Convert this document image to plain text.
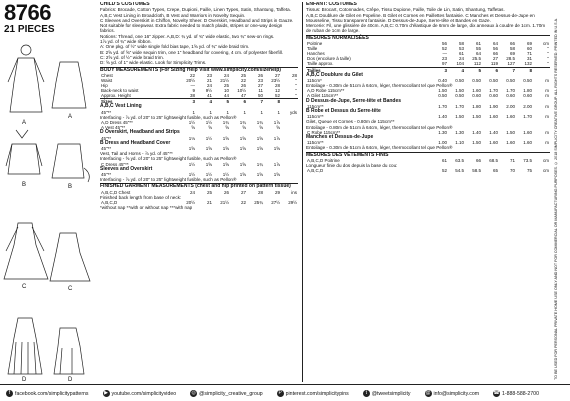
8766
21 PIECES
A
A
B	B
C	C
D	D
CHILD'S COSTUMES
Fabrics: Brocade, Cotton Types, Crepe, Dupioni, Faille, Linen Types, Satin, Shantung, Taffeta.
A,B,C Vest Lining in Broadcloth, B Vest and Warriors in Novelty Sequin.
C Sleeves and Overskirt in Chiffon, Novelty Sheer. D Overskirt, Headband and Strips in Gauze.
Not suitable for sleepwear. Extra fabric needed to match plaids, stripes or one-way design fabrics.
Notions: Thread, one 16" zipper. A,B,D: ¾ yd. of ¾" wide elastic, two ¾" sew-on rings.
1⅞ yd. of ¾" wide ribbon.
A: One pkg. of ½" wide single fold bias tape, 1⅝ yd. of ¾" wide braid trim.
B: 2⅝ yd. of ⅝" wide sequin trim, one 1" headband for covering, 4 cm. of polyester fiberfill.
C: 2⅝ yd. of ½" wide braid trim.
D: ⅝ yd. of 1" wide elastic. Look for Simplicity Trims.
BODY MEASUREMENTS (For Sizing Help Visit www.simplicity.com/sizehelp)
Chest	22	23	24	25	26	27	28
Waist	20½	21	21½	22	23	23½	"
Hip	—	24	25	26	27	28	"
Back-neck to waist	9	9½	10	10½	11	12	"
Approx. Height	38	41	44	47	50	52	"
Sizes	3	4	5	6	7	8	
A,B,C Vest Lining
45"**	1	1	1	1	1	1	yds
Interfacing - ⅞ yd. of 20" to 25" lightweight fusible, such as Pellon®
A,D Dress 45"**	1½	1½	1¾	1¾	1¾	1⅞	
A Vest 45"**	⅝	⅝	⅝	⅝	⅝	⅝	
D Overskirt, Headband and Strips
45"**	1⅛	1½	1⅝	1⅝	1⅝	1⅞	
B Dress and Headband Cover
45"**	1⅝	1⅝	1⅝	1⅝	1⅝	1⅝	
Vest, Tail and Horns - ⅞ yd. of 45"**
Interfacing - ⅝ yd. of 20" to 25" lightweight fusible, such as Pellon®
C Dress 45"**	1½	1⅝	1⅝	1⅝	1¾	1⅞	
Sleeves and Overskirt
45"**	1½	1½	1½	1⅝	1⅝	1⅝	
Interfacing - ⅞ yd. of 20" to 25" lightweight fusible, such as Pellon®
FINISHED GARMENT MEASUREMENTS (chest and hip printed on pattern tissue)
A,B,C,D Chest	24	25	26	27	28	29	ins
Finished back length from base of neck:
A,B,C,D	20½	21	21½	22	25¾	27½	29½
*without nap **with or without nap ***with nap
ENFANT: COSTUMES
Tissus: Brocart, Cotonnades, Crêpe, Tissu Dupione, Faille, Toile de Lin, Satin, Shantung, Taffetas.
A,B,C Doublure de Gilet en Popeline. B Gilet et Cornes en Paillettes fantaisie. C Manches et Dessus-de-Jupe en Mousseline, Tissu transparent fantaisie. D Dessus-de-Jupe, Serre-tête et Bandes en Gaze.
Mercerie: Fil, une glissière de 40cm. A,B,C: 0.70m d'élastique de 6mm de large, dix anneaux à coudre de 1cm. 1.70m de ruban de 1cm de large.
MESURES NORMALISÉES
Poitrine	56	58	61	64	66	69	cm
Taille	52	53	55	56	58	60	"
Hanches	—	61	64	66	69	71	"
Dos (encolure à taille)	23	24	25.5	27	28.5	31	"
Taille approx.	97	104	112	119	127	132	"
Tailles	3	4	5	6	7	8	
A,B,C Doublure du Gilet
115cm*	0.40	0.50	0.50	0.50	0.50	0.50	m
Entoilage - 0.30m de 51cm à 64cm, léger, thermocollant tel que Pellon®
A,D Robe 115cm**	1.50	1.50	1.60	1.70	1.70	1.80	m
A Gilet 115cm**	0.50	0.50	0.60	0.60	0.60	0.60	m
D Dessus-de-Jupe, Serre-tête et Bandes
115cm**	1.70	1.70	1.80	1.90	2.00	2.00	m
B Robe et Dessus du Serre-tête
115cm**	1.40	1.50	1.50	1.60	1.60	1.70	m
Gilet, Queue et Cornes - 0.80m de 115cm**
Entoilage - 0.80m de 51cm à 64cm, léger, thermocollant tel que Pellon®
C Robe 115cm**	1.30	1.30	1.40	1.40	1.50	1.60	m
Manches et Dessus-de-Jupe
115cm**	1.00	1.10	1.50	1.60	1.60	1.60	m
Entoilage - 0.30m de 51cm à 64cm, léger, thermocollant tel que Pellon®
MESURES DES VÊTEMENTS FINIS
A,B,C,D Poitrine	61	63.5	66	68.5	71	73.5	cm
Longueur finie du dos depuis la base du cou:
A,B,C,D	52	54.5	58.5	65	70	75	cm TO BE USED FOR PERSONAL PRIVATE HOME USE ONLY AND NOT FOR COMMERCIAL OR MANUFACTURING PURPOSES. © 2018 SIMPLICITY CREATIVE GROUP. ALL RIGHTS RESERVED. PRINTED IN U.S.A.
f facebook.com/simplicitypatterns	▶ youtube.com/simplicityvideo	◎ @simplicity_creative_group	P pinterest.com/simplicitypins	t @tweetsimplicity	@ info@simplicity.com	☎ 1-888-588-2700
